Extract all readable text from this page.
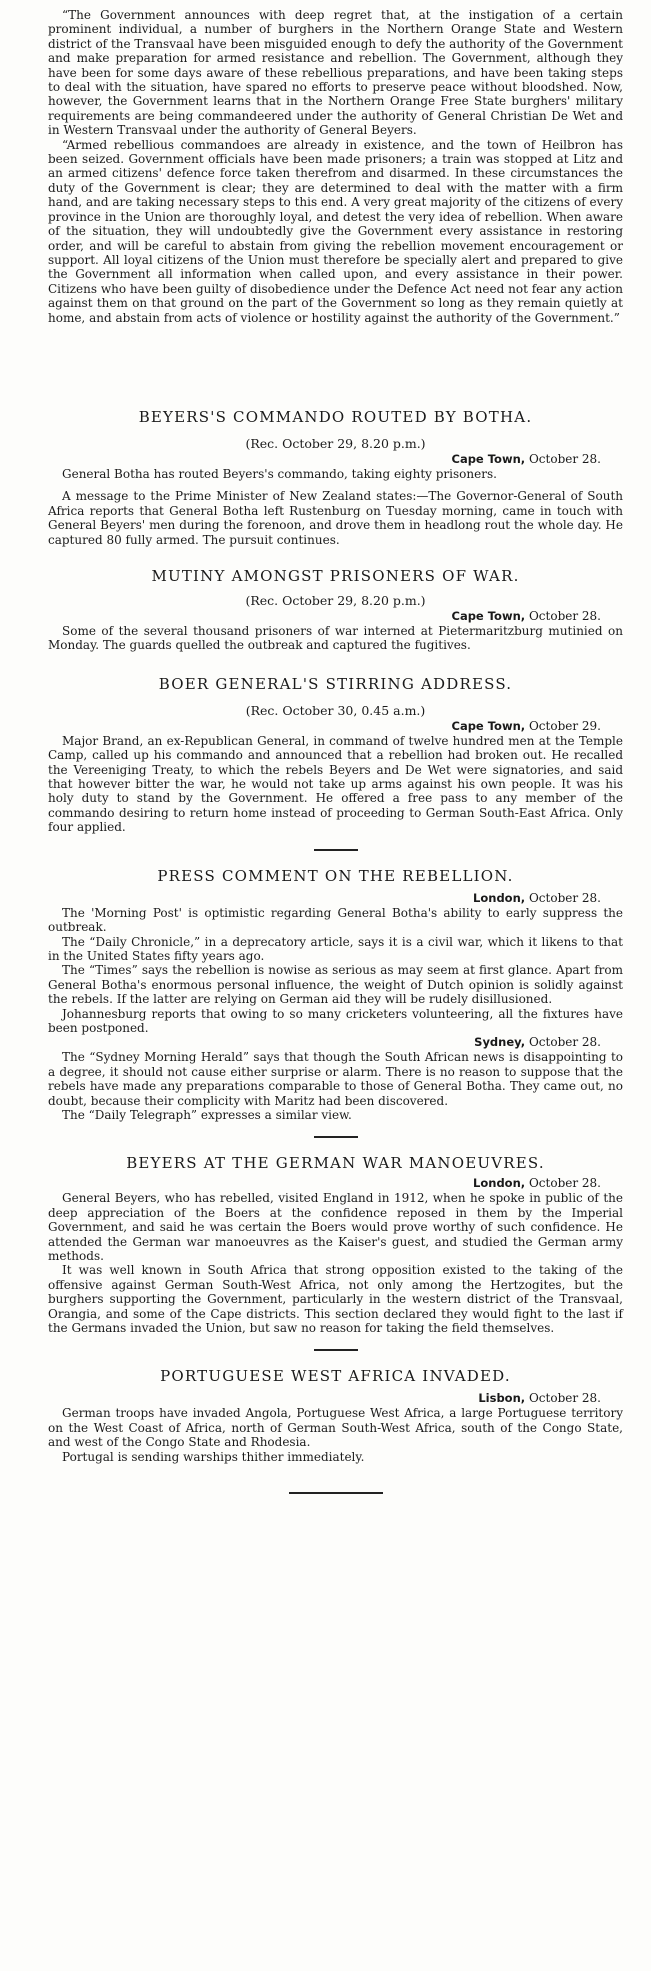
“The Government announces with deep regret that, at the instigation of a certain prominent individual, a number of burghers in the Northern Orange State and Western district of the Transvaal have been misguided enough to defy the authority of the Government and make preparation for armed resistance and rebellion. The Government, although they have been for some days aware of these rebellious preparations, and have been taking steps to deal with the situation, have spared no efforts to preserve peace without bloodshed. Now, however, the Government learns that in the Northern Orange Free State burghers' military requirements are being commandeered under the authority of General Christian De Wet and in Western Transvaal under the authority of General Beyers.

“Armed rebellious commandoes are already in existence, and the town of Heilbron has been seized. Government officials have been made prisoners; a train was stopped at Litz and an armed citizens' defence force taken therefrom and disarmed. In these circumstances the duty of the Government is clear; they are determined to deal with the matter with a firm hand, and are taking necessary steps to this end. A very great majority of the citizens of every province in the Union are thoroughly loyal, and detest the very idea of rebellion. When aware of the situation, they will undoubtedly give the Government every assistance in restoring order, and will be careful to abstain from giving the rebellion movement encouragement or support. All loyal citizens of the Union must therefore be specially alert and prepared to give the Government all information when called upon, and every assistance in their power. Citizens who have been guilty of disobedience under the Defence Act need not fear any action against them on that ground on the part of the Government so long as they remain quietly at home, and abstain from acts of violence or hostility against the authority of the Government.”

BEYERS'S COMMANDO ROUTED BY BOTHA.
(Rec. October 29, 8.20 p.m.)
Cape Town, October 28.

General Botha has routed Beyers's commando, taking eighty prisoners.

A message to the Prime Minister of New Zealand states:—The Governor-General of South Africa reports that General Botha left Rustenburg on Tuesday morning, came in touch with General Beyers' men during the forenoon, and drove them in headlong rout the whole day. He captured 80 fully armed. The pursuit continues.

MUTINY AMONGST PRISONERS OF WAR.
(Rec. October 29, 8.20 p.m.)
Cape Town, October 28.

Some of the several thousand prisoners of war interned at Pietermaritzburg mutinied on Monday. The guards quelled the outbreak and captured the fugitives.

BOER GENERAL'S STIRRING ADDRESS.
(Rec. October 30, 0.45 a.m.)
Cape Town, October 29.

Major Brand, an ex-Republican General, in command of twelve hundred men at the Temple Camp, called up his commando and announced that a rebellion had broken out. He recalled the Vereeniging Treaty, to which the rebels Beyers and De Wet were signatories, and said that however bitter the war, he would not take up arms against his own people. It was his holy duty to stand by the Government. He offered a free pass to any member of the commando desiring to return home instead of proceeding to German South-East Africa. Only four applied.

PRESS COMMENT ON THE REBELLION.
London, October 28.

The 'Morning Post' is optimistic regarding General Botha's ability to early suppress the outbreak.

The “Daily Chronicle,” in a deprecatory article, says it is a civil war, which it likens to that in the United States fifty years ago.

The “Times” says the rebellion is nowise as serious as may seem at first glance. Apart from General Botha's enormous personal influence, the weight of Dutch opinion is solidly against the rebels. If the latter are relying on German aid they will be rudely disillusioned.

Johannesburg reports that owing to so many cricketers volunteering, all the fixtures have been postponed.

Sydney, October 28.

The “Sydney Morning Herald” says that though the South African news is disappointing to a degree, it should not cause either surprise or alarm. There is no reason to suppose that the rebels have made any preparations comparable to those of General Botha. They came out, no doubt, because their complicity with Maritz had been discovered.

The “Daily Telegraph” expresses a similar view.

BEYERS AT THE GERMAN WAR MANOEUVRES.
London, October 28.

General Beyers, who has rebelled, visited England in 1912, when he spoke in public of the deep appreciation of the Boers at the confidence reposed in them by the Imperial Government, and said he was certain the Boers would prove worthy of such confidence. He attended the German war manoeuvres as the Kaiser's guest, and studied the German army methods.

It was well known in South Africa that strong opposition existed to the taking of the offensive against German South-West Africa, not only among the Hertzogites, but the burghers supporting the Government, particularly in the western district of the Transvaal, Orangia, and some of the Cape districts. This section declared they would fight to the last if the Germans invaded the Union, but saw no reason for taking the field themselves.

PORTUGUESE WEST AFRICA INVADED.
Lisbon, October 28.

German troops have invaded Angola, Portuguese West Africa, a large Portuguese territory on the West Coast of Africa, north of German South-West Africa, south of the Congo State, and west of the Congo State and Rhodesia.

Portugal is sending warships thither immediately.
